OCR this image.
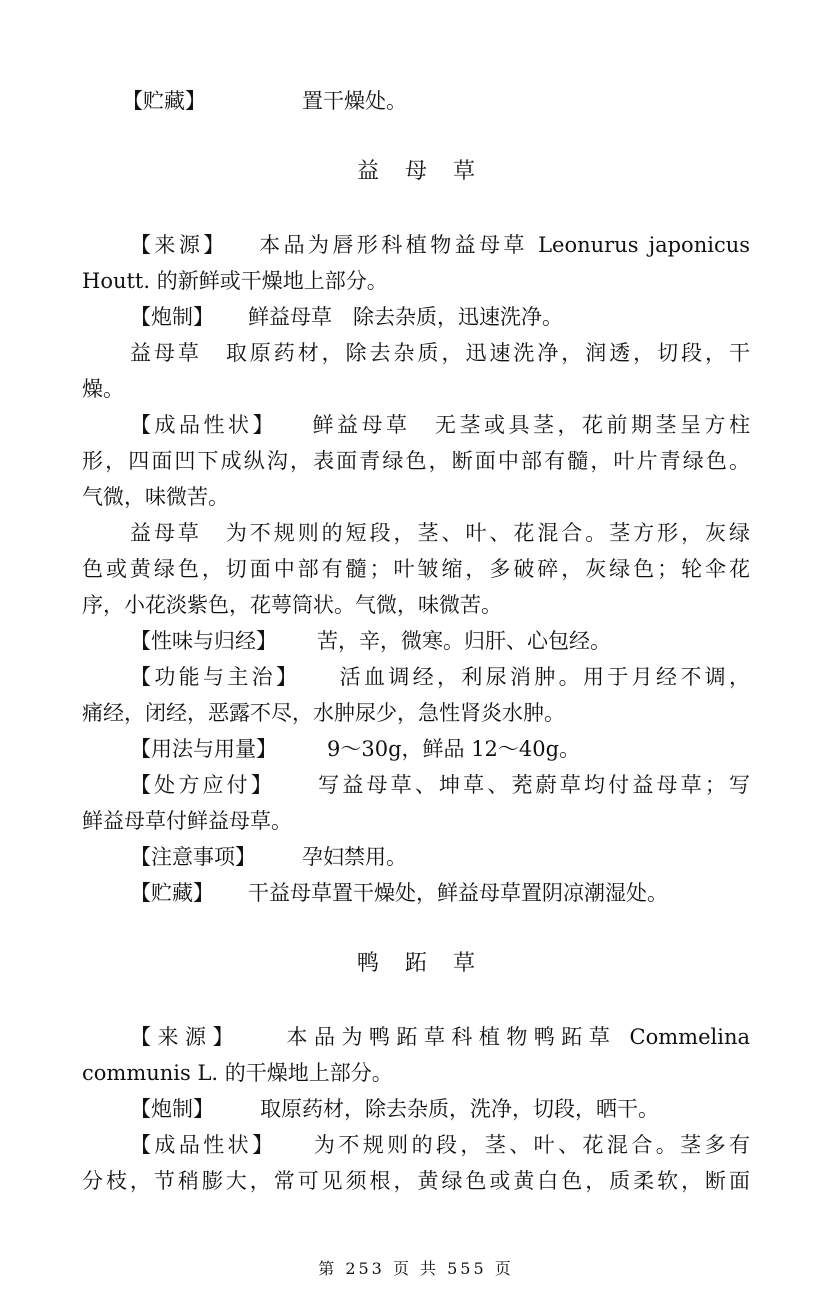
【贮藏】	置干燥处。
益母草
【来源】 本品为唇形科植物益母草 Leonurus japonicus
Houtt. 的新鲜或干燥地上部分。
【炮制】 鲜益母草　除去杂质，迅速洗净。
益母草　取原药材，除去杂质，迅速洗净，润透，切段，干
燥。
【成品性状】 鲜益母草　无茎或具茎，花前期茎呈方柱
形，四面凹下成纵沟，表面青绿色，断面中部有髓，叶片青绿色。
气微，味微苦。
益母草　为不规则的短段，茎、叶、花混合。茎方形，灰绿
色或黄绿色，切面中部有髓；叶皱缩，多破碎，灰绿色；轮伞花
序，小花淡紫色，花萼筒状。气微，味微苦。
【性味与归经】 苦，辛，微寒。归肝、心包经。
【功能与主治】 活血调经，利尿消肿。用于月经不调，
痛经，闭经，恶露不尽，水肿尿少，急性肾炎水肿。
【用法与用量】 9～30g，鲜品 12～40g。
【处方应付】 写益母草、坤草、茺蔚草均付益母草；写
鲜益母草付鲜益母草。
【注意事项】 孕妇禁用。
【贮藏】 干益母草置干燥处，鲜益母草置阴凉潮湿处。
鸭跖草
【来源】 本品为鸭跖草科植物鸭跖草 Commelina
communis L. 的干燥地上部分。
【炮制】 取原药材，除去杂质，洗净，切段，晒干。
【成品性状】 为不规则的段，茎、叶、花混合。茎多有
分枝，节稍膨大，常可见须根，黄绿色或黄白色，质柔软，断面
第 253 页 共 555 页
